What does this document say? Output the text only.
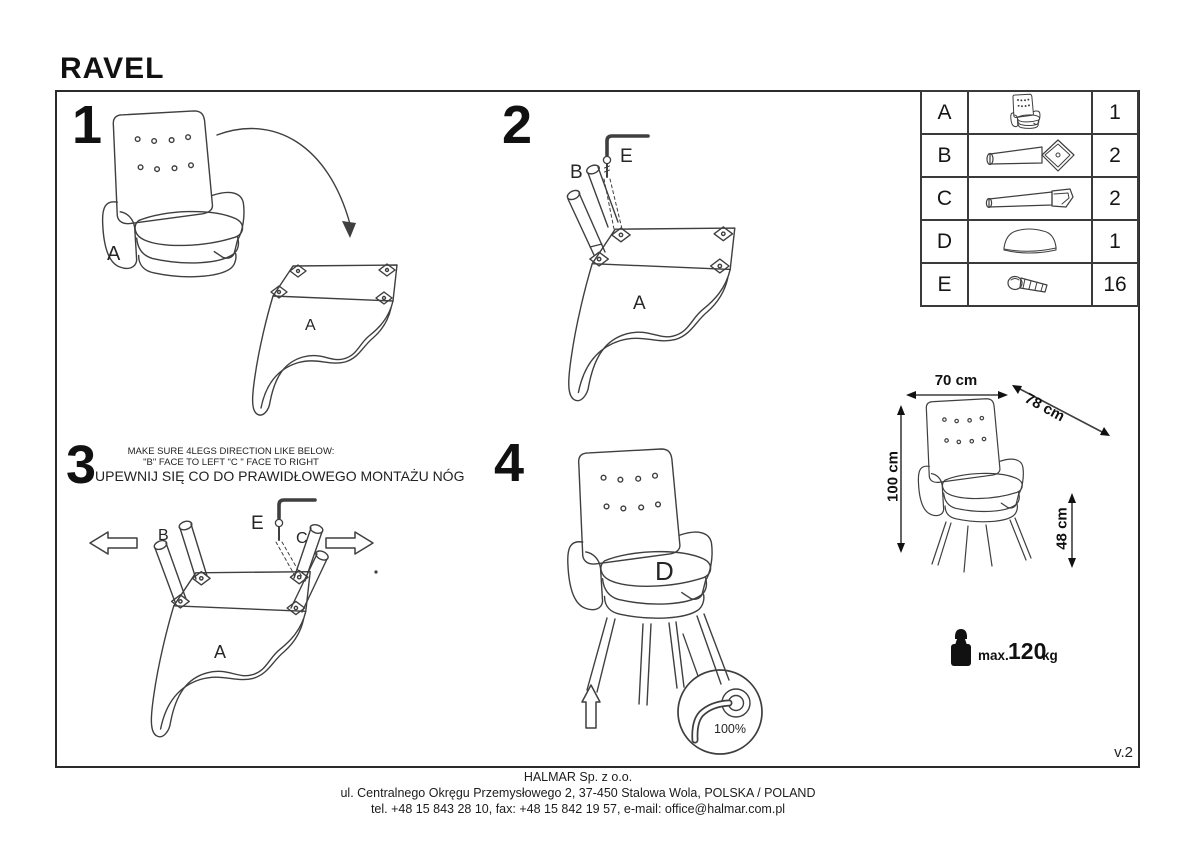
RAVEL
1
A
A
2
B
E
A
3	MAKE SURE 4LEGS DIRECTION LIKE BELOW:
"B" FACE TO LEFT "C " FACE TO RIGHT
UPEWNIJ SIĘ CO DO PRAWIDŁOWEGO MONTAŻU NÓG
B
E
C
A
4
D
100%
A		1
B		2
C		2
D		1
E		16
70 cm
78 cm
100 cm
48 cm
max. 120
kg
v.2
HALMAR Sp. z o.o.
ul. Centralnego Okręgu Przemysłowego 2, 37-450 Stalowa Wola, POLSKA / POLAND
tel. +48 15 843 28 10, fax: +48 15 842 19 57, e-mail: office@halmar.com.pl
